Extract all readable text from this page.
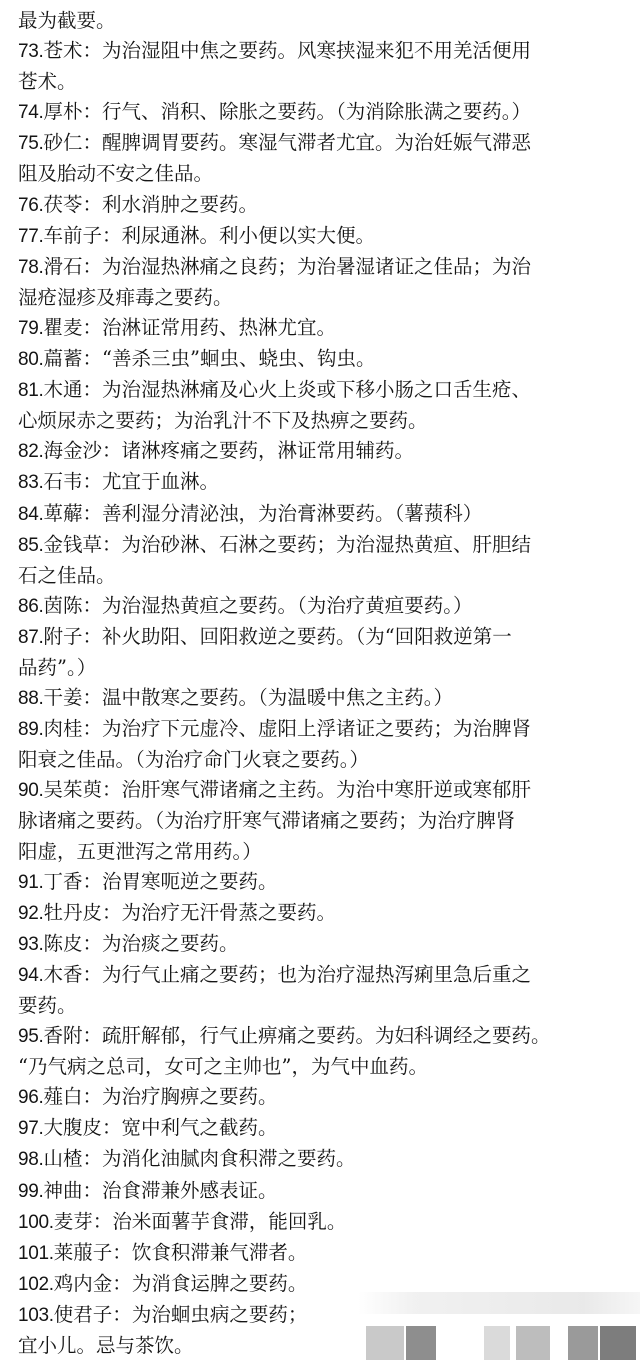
最为截要。
73.苍术：为治湿阻中焦之要药。风寒挟湿来犯不用羌活便用
苍术。
74.厚朴：行气、消积、除胀之要药。（为消除胀满之要药。）
75.砂仁：醒脾调胃要药。寒湿气滞者尤宜。为治妊娠气滞恶
阻及胎动不安之佳品。
76.茯苓：利水消肿之要药。
77.车前子：利尿通淋。利小便以实大便。
78.滑石：为治湿热淋痛之良药；为治暑湿诸证之佳品；为治
湿疮湿疹及痱毒之要药。
79.瞿麦：治淋证常用药、热淋尤宜。
80.萹蓄：“善杀三虫”蛔虫、蛲虫、钩虫。
81.木通：为治湿热淋痛及心火上炎或下移小肠之口舌生疮、
心烦尿赤之要药；为治乳汁不下及热痹之要药。
82.海金沙：诸淋疼痛之要药，淋证常用辅药。
83.石韦：尤宜于血淋。
84.萆薢：善利湿分清泌浊，为治膏淋要药。（薯蓣科）
85.金钱草：为治砂淋、石淋之要药；为治湿热黄疸、肝胆结
石之佳品。
86.茵陈：为治湿热黄疸之要药。（为治疗黄疸要药。）
87.附子：补火助阳、回阳救逆之要药。（为“回阳救逆第一
品药”。）
88.干姜：温中散寒之要药。（为温暖中焦之主药。）
89.肉桂：为治疗下元虚冷、虚阳上浮诸证之要药；为治脾肾
阳衰之佳品。（为治疗命门火衰之要药。）
90.吴茱萸：治肝寒气滞诸痛之主药。为治中寒肝逆或寒郁肝
脉诸痛之要药。（为治疗肝寒气滞诸痛之要药；为治疗脾肾
阳虚，五更泄泻之常用药。）
91.丁香：治胃寒呃逆之要药。
92.牡丹皮：为治疗无汗骨蒸之要药。
93.陈皮：为治痰之要药。
94.木香：为行气止痛之要药；也为治疗湿热泻痢里急后重之
要药。
95.香附：疏肝解郁，行气止痹痛之要药。为妇科调经之要药。
“乃气病之总司，女可之主帅也”，为气中血药。
96.薤白：为治疗胸痹之要药。
97.大腹皮：宽中利气之截药。
98.山楂：为消化油腻肉食积滞之要药。
99.神曲：治食滞兼外感表证。
100.麦芽：治米面薯芋食滞，能回乳。
101.莱菔子：饮食积滞兼气滞者。
102.鸡内金：为消食运脾之要药。
103.使君子：为治蛔虫病之要药；
宜小儿。忌与茶饮。
